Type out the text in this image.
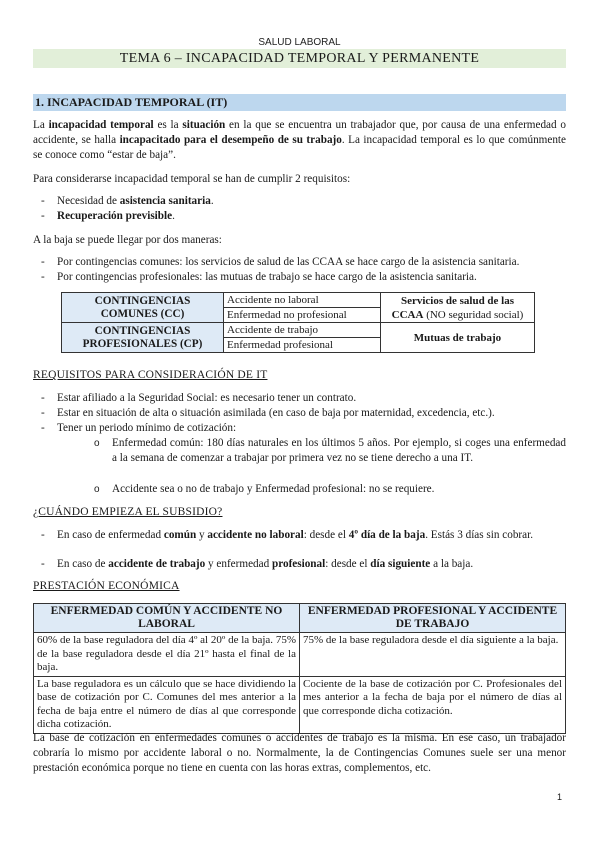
SALUD LABORAL
TEMA 6 – INCAPACIDAD TEMPORAL Y PERMANENTE
1. INCAPACIDAD TEMPORAL (IT)
La incapacidad temporal es la situación en la que se encuentra un trabajador que, por causa de una enfermedad o accidente, se halla incapacitado para el desempeño de su trabajo. La incapacidad temporal es lo que comúnmente se conoce como “estar de baja”.
Para considerarse incapacidad temporal se han de cumplir 2 requisitos:
- Necesidad de asistencia sanitaria.
- Recuperación previsible.
A la baja se puede llegar por dos maneras:
- Por contingencias comunes: los servicios de salud de las CCAA se hace cargo de la asistencia sanitaria.
- Por contingencias profesionales: las mutuas de trabajo se hace cargo de la asistencia sanitaria.
CONTINGENCIAS COMUNES (CC)	Accidente no laboral	Servicios de salud de las CCAA (NO seguridad social)
	Enfermedad no profesional	
CONTINGENCIAS PROFESIONALES (CP)	Accidente de trabajo	Mutuas de trabajo
	Enfermedad profesional	
REQUISITOS PARA CONSIDERACIÓN DE IT
- Estar afiliado a la Seguridad Social: es necesario tener un contrato.
- Estar en situación de alta o situación asimilada (en caso de baja por maternidad, excedencia, etc.).
- Tener un periodo mínimo de cotización:
o Enfermedad común: 180 días naturales en los últimos 5 años. Por ejemplo, si coges una enfermedad a la semana de comenzar a trabajar por primera vez no se tiene derecho a una IT.
o Accidente sea o no de trabajo y Enfermedad profesional: no se requiere.
¿CUÁNDO EMPIEZA EL SUBSIDIO?
- En caso de enfermedad común y accidente no laboral: desde el 4º día de la baja. Estás 3 días sin cobrar.
- En caso de accidente de trabajo y enfermedad profesional: desde el día siguiente a la baja.
PRESTACIÓN ECONÓMICA
ENFERMEDAD COMÚN Y ACCIDENTE NO LABORAL	ENFERMEDAD PROFESIONAL Y ACCIDENTE DE TRABAJO
60% de la base reguladora del día 4º al 20º de la baja. 75% de la base reguladora desde el día 21º hasta el final de la baja.	75% de la base reguladora desde el día siguiente a la baja.
La base reguladora es un cálculo que se hace dividiendo la base de cotización por C. Comunes del mes anterior a la fecha de baja entre el número de días al que corresponde dicha cotización.	Cociente de la base de cotización por C. Profesionales del mes anterior a la fecha de baja por el número de días al que corresponde dicha cotización.
La base de cotización en enfermedades comunes o accidentes de trabajo es la misma. En ese caso, un trabajador cobraría lo mismo por accidente laboral o no. Normalmente, la de Contingencias Comunes suele ser una menor prestación económica porque no tiene en cuenta con las horas extras, complementos, etc.
1
